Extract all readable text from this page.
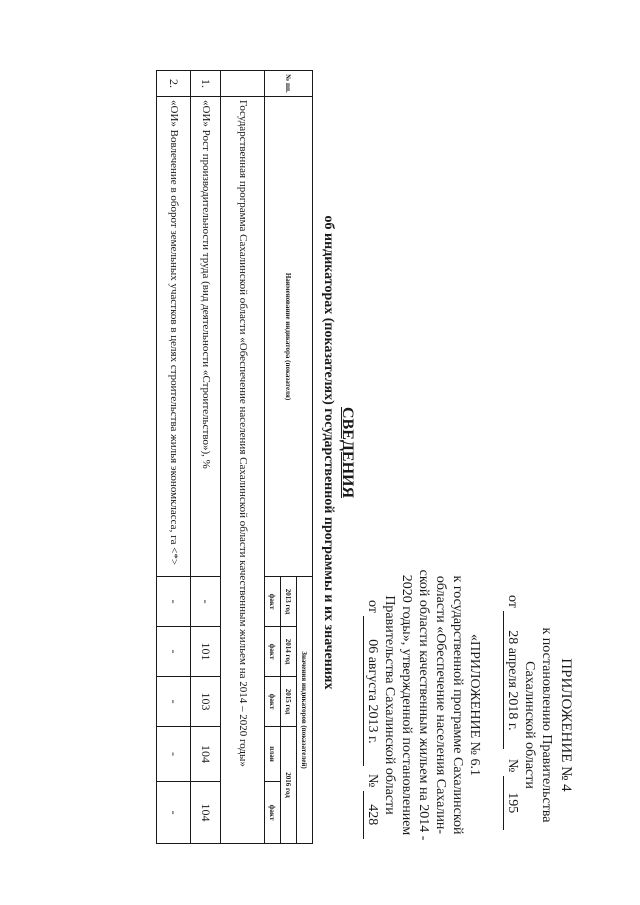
ПРИЛОЖЕНИЕ № 4
к постановлению Правительства
Сахалинской области
от 28 апреля 2018 г. № 195
«ПРИЛОЖЕНИЕ № 6.1
к государственной программе Сахалинской
области «Обеспечение населения Сахалин-
ской области качественным жильем на 2014 -
2020 годы», утвержденной постановлением
Правительства Сахалинской области
от 06 августа 2013 г. № 428
СВЕДЕНИЯ
об индикаторах (показателях) государственной программы и их значениях
№ пп.	Наименование индикатора (показателя)	Значения индикаторов (показателей)				
		2013 год	2014 год	2015 год	2016 год	
		факт	факт	факт	план	факт
	Государственная программа Сахалинской области «Обеспечение населения Сахалинской области качественным жильем на 2014 – 2020 годы»					
1.	«ОИ» Рост производительности труда (вид деятельности «Строительство»), %	-	101	103	104	104
2.	«ОИ» Вовлечение в оборот земельных участков в целях строительства жилья экономкласса, га <*>	-	-	-	-	-
